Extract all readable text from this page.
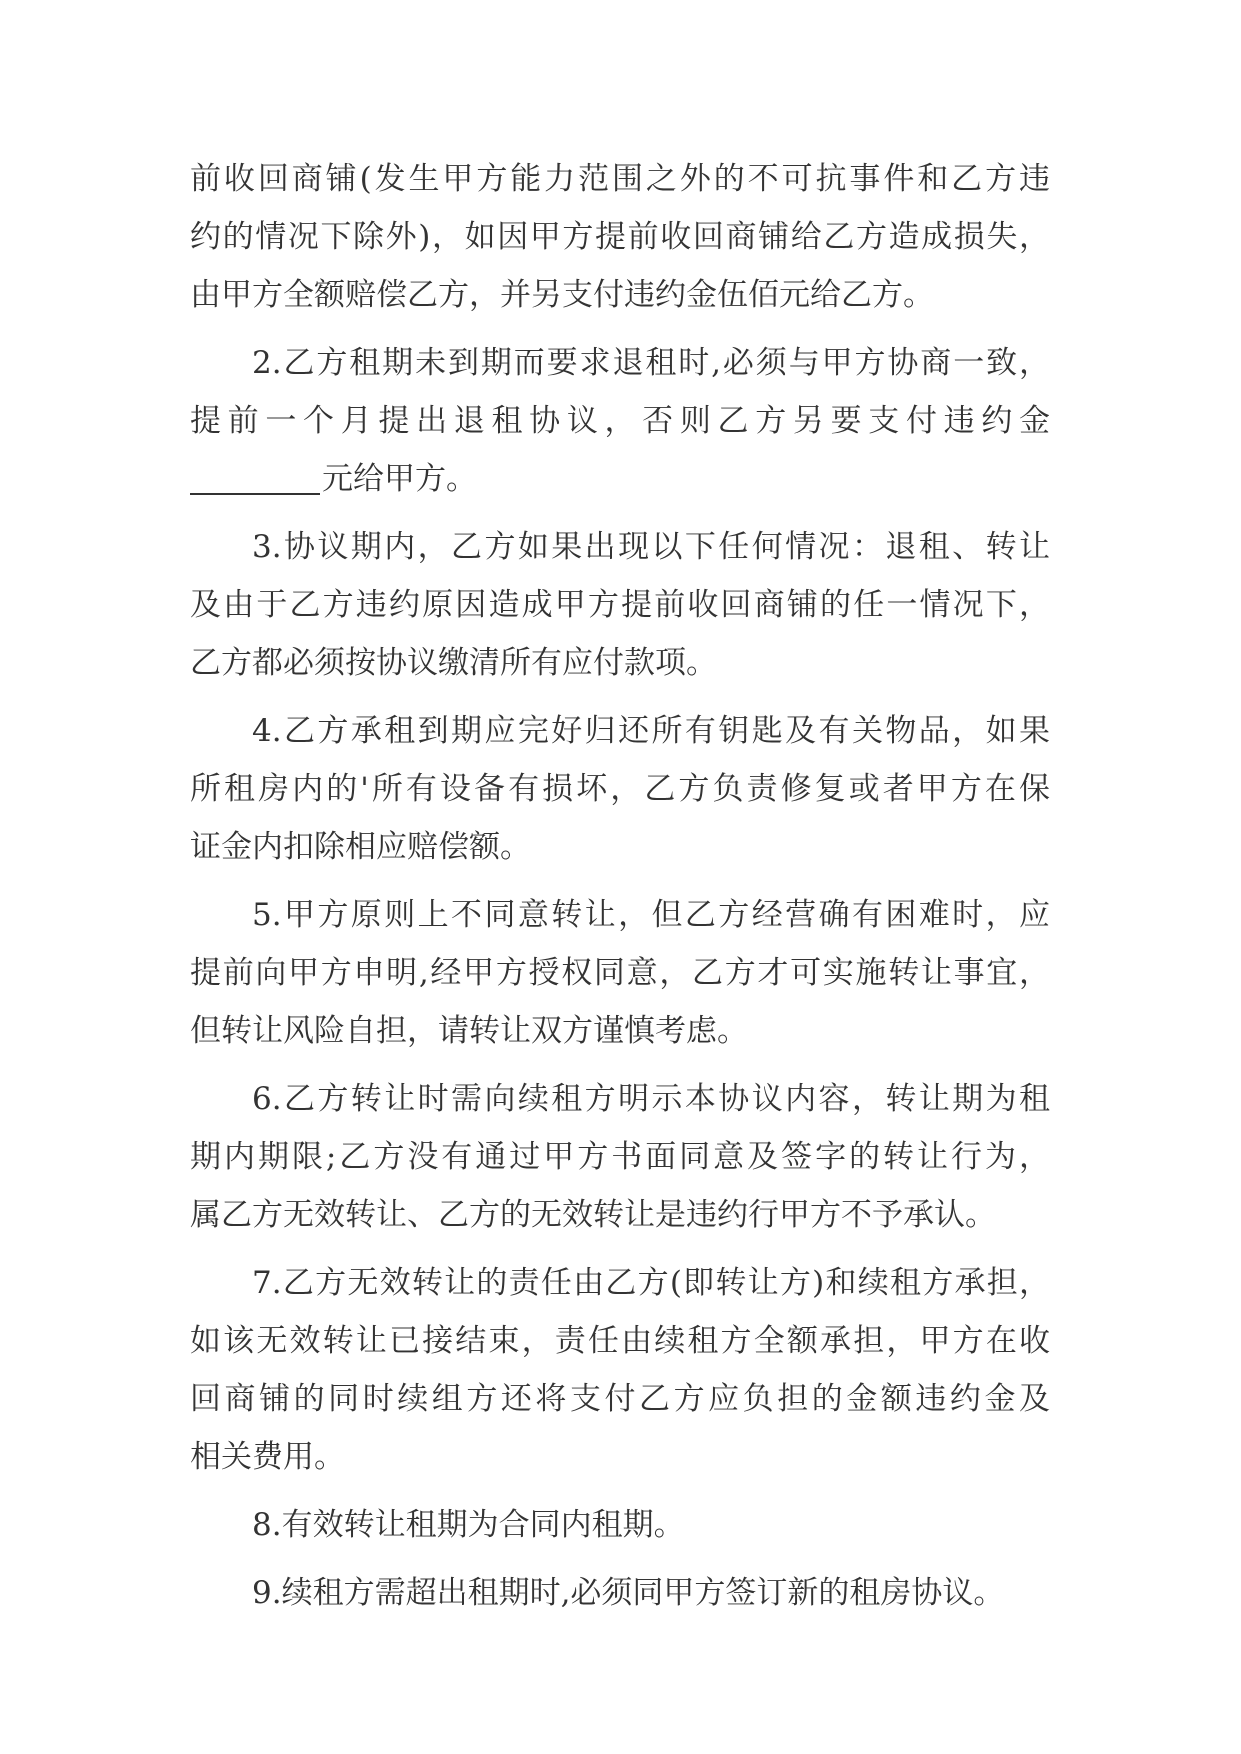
前收回商铺(发生甲方能力范围之外的不可抗事件和乙方违
约的情况下除外)，如因甲方提前收回商铺给乙方造成损失，
由甲方全额赔偿乙方，并另支付违约金伍佰元给乙方。
2.乙方租期未到期而要求退租时,必须与甲方协商一致，
提前一个月提出退租协议，否则乙方另要支付违约金
元给甲方。
3.协议期内，乙方如果出现以下任何情况：退租、转让
及由于乙方违约原因造成甲方提前收回商铺的任一情况下，
乙方都必须按协议缴清所有应付款项。
4.乙方承租到期应完好归还所有钥匙及有关物品，如果
所租房内的'所有设备有损坏，乙方负责修复或者甲方在保
证金内扣除相应赔偿额。
5.甲方原则上不同意转让，但乙方经营确有困难时，应
提前向甲方申明,经甲方授权同意，乙方才可实施转让事宜，
但转让风险自担，请转让双方谨慎考虑。
6.乙方转让时需向续租方明示本协议内容，转让期为租
期内期限;乙方没有通过甲方书面同意及签字的转让行为，
属乙方无效转让、乙方的无效转让是违约行甲方不予承认。
7.乙方无效转让的责任由乙方(即转让方)和续租方承担，
如该无效转让已接结束，责任由续租方全额承担，甲方在收
回商铺的同时续组方还将支付乙方应负担的金额违约金及
相关费用。
8.有效转让租期为合同内租期。
9.续租方需超出租期时,必须同甲方签订新的租房协议。
